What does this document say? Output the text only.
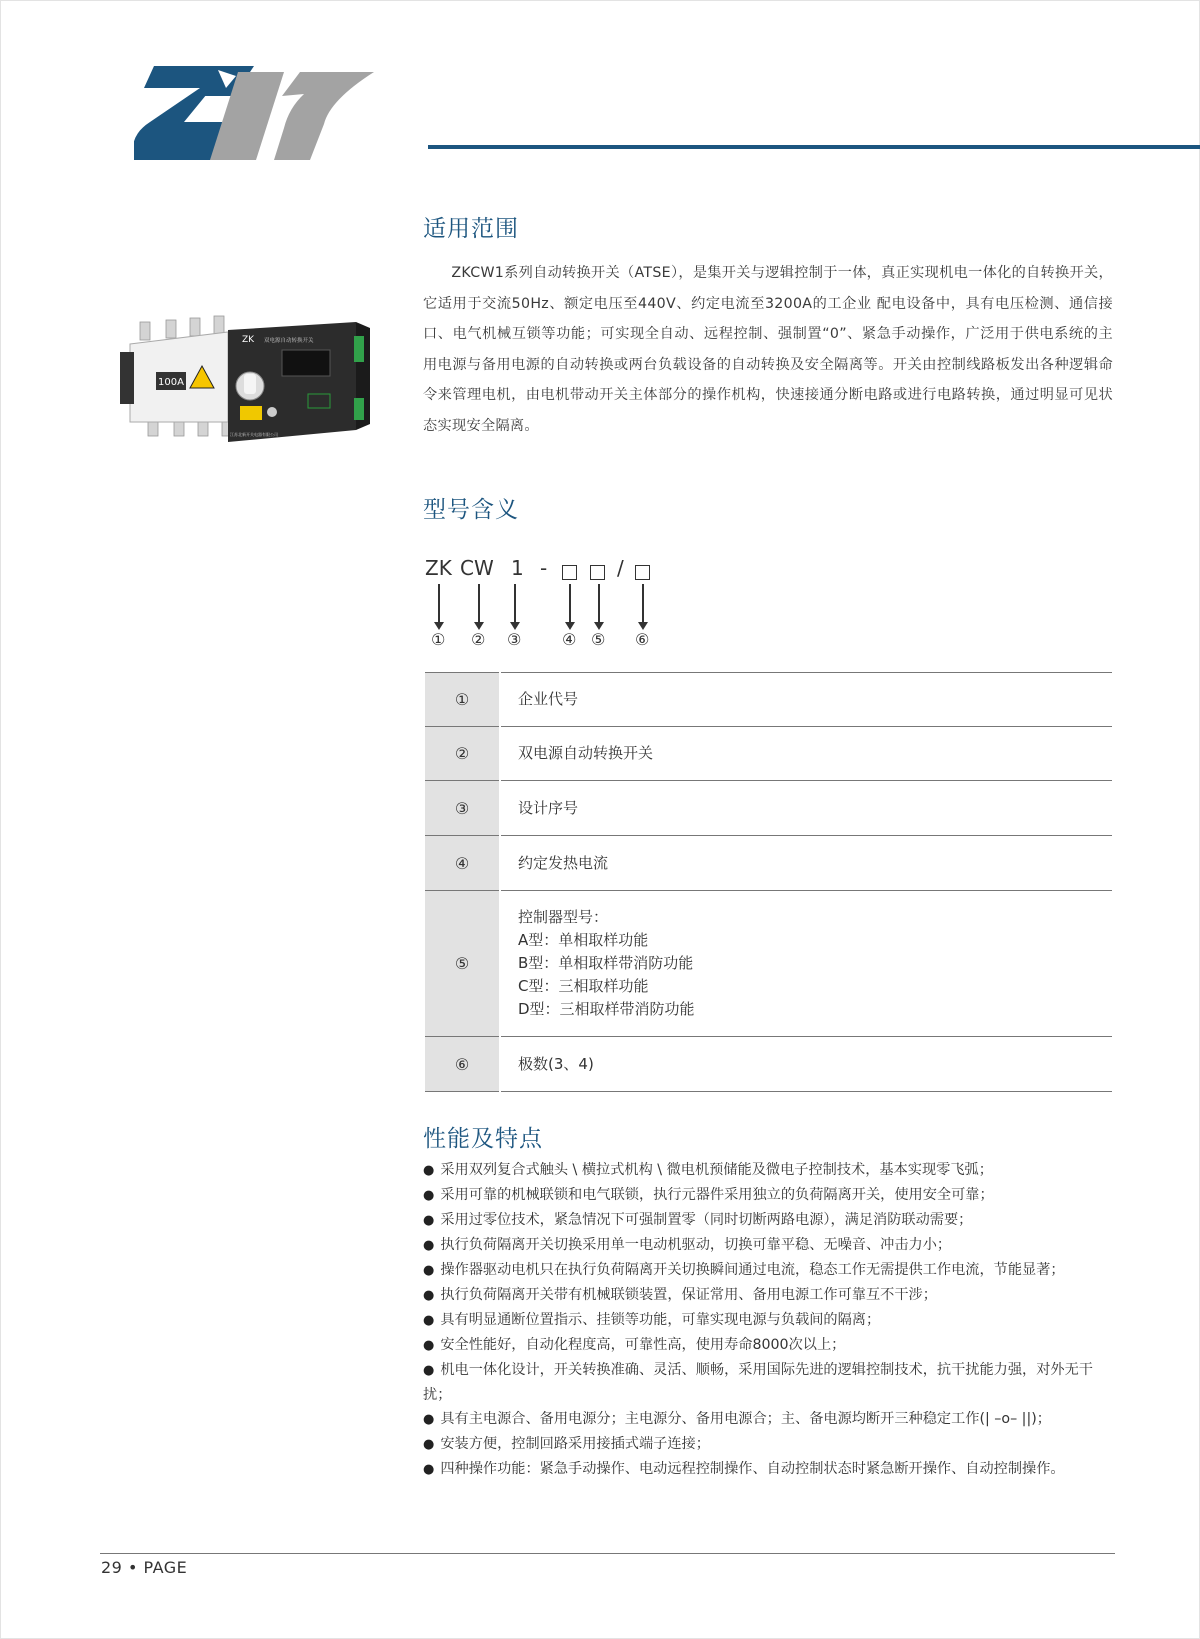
适用范围

ZKCW1系列自动转换开关（ATSE），是集开关与逻辑控制于一体，真正实现机电一体化的自转换开关，它适用于交流50Hz、额定电压至440V、约定电流至3200A的工企业 配电设备中，具有电压检测、通信接口、电气机械互锁等功能；可实现全自动、远程控制、强制置“0”、紧急手动操作，广泛用于供电系统的主用电源与备用电源的自动转换或两台负载设备的自动转换及安全隔离等。开关由控制线路板发出各种逻辑命令来管理电机，由电机带动开关主体部分的操作机构，快速接通分断电路或进行电路转换，通过明显可见状态实现安全隔离。

100A
ZK 双电源自动转换开关
江苏北新开关电器有限公司
型号含义
ZK CW 1 -	/
① ② ③	④ ⑤ ⑥
①	企业代号

②	双电源自动转换开关

③	设计序号

④	约定发热电流

⑤	控制器型号：
A型：单相取样功能
B型：单相取样带消防功能
C型：三相取样功能
D型：三相取样带消防功能

⑥	极数(3、4)
性能及特点
● 采用双列复合式触头 \ 横拉式机构 \ 微电机预储能及微电子控制技术，基本实现零飞弧；
● 采用可靠的机械联锁和电气联锁，执行元器件采用独立的负荷隔离开关，使用安全可靠；
● 采用过零位技术，紧急情况下可强制置零（同时切断两路电源），满足消防联动需要；
● 执行负荷隔离开关切换采用单一电动机驱动，切换可靠平稳、无噪音、冲击力小；
● 操作器驱动电机只在执行负荷隔离开关切换瞬间通过电流，稳态工作无需提供工作电流，节能显著；
● 执行负荷隔离开关带有机械联锁装置，保证常用、备用电源工作可靠互不干涉；
● 具有明显通断位置指示、挂锁等功能，可靠实现电源与负载间的隔离；
● 安全性能好，自动化程度高，可靠性高，使用寿命8000次以上；
● 机电一体化设计，开关转换准确、灵活、顺畅，采用国际先进的逻辑控制技术，抗干扰能力强，对外无干扰；
● 具有主电源合、备用电源分；主电源分、备用电源合；主、备电源均断开三种稳定工作(| –o– ||)；
● 安装方便，控制回路采用接插式端子连接；
● 四种操作功能：紧急手动操作、电动远程控制操作、自动控制状态时紧急断开操作、自动控制操作。
29 • PAGE
